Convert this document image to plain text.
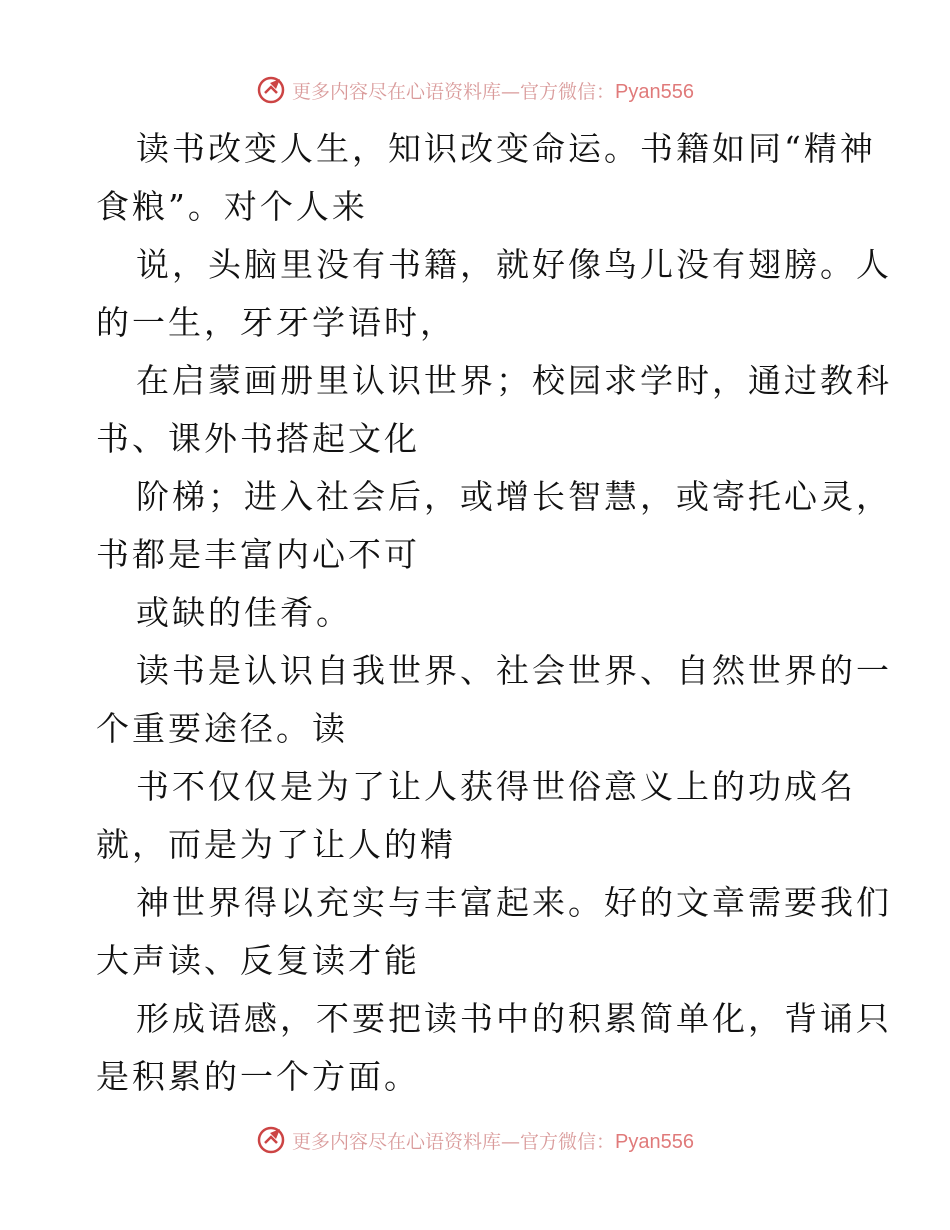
更多内容尽在心语资料库—官方微信：Pyan556
读书改变人生，知识改变命运。书籍如同“精神
食粮”。对个人来
说，头脑里没有书籍，就好像鸟儿没有翅膀。人
的一生，牙牙学语时，
在启蒙画册里认识世界；校园求学时，通过教科
书、课外书搭起文化
阶梯；进入社会后，或增长智慧，或寄托心灵，
书都是丰富内心不可
或缺的佳肴。
读书是认识自我世界、社会世界、自然世界的一
个重要途径。读
书不仅仅是为了让人获得世俗意义上的功成名
就，而是为了让人的精
神世界得以充实与丰富起来。好的文章需要我们
大声读、反复读才能
形成语感，不要把读书中的积累简单化，背诵只
是积累的一个方面。
更多内容尽在心语资料库—官方微信：Pyan556
